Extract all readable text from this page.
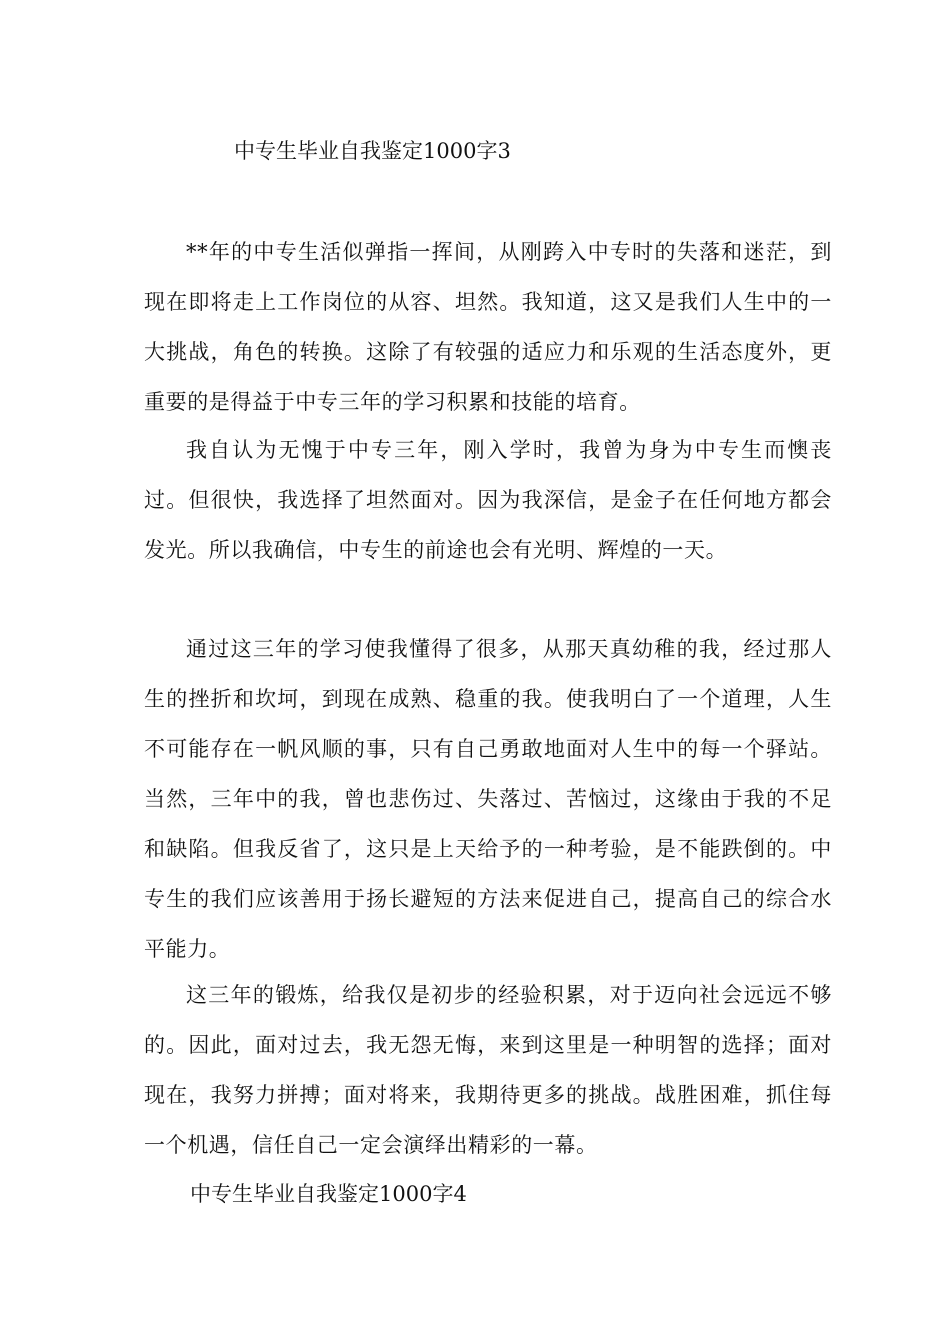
中专生毕业自我鉴定1000字3

**年的中专生活似弹指一挥间，从刚跨入中专时的失落和迷茫，到现在即将走上工作岗位的从容、坦然。我知道，这又是我们人生中的一大挑战，角色的转换。这除了有较强的适应力和乐观的生活态度外，更重要的是得益于中专三年的学习积累和技能的培育。

我自认为无愧于中专三年，刚入学时，我曾为身为中专生而懊丧过。但很快，我选择了坦然面对。因为我深信，是金子在任何地方都会发光。所以我确信，中专生的前途也会有光明、辉煌的一天。

通过这三年的学习使我懂得了很多，从那天真幼稚的我，经过那人生的挫折和坎坷，到现在成熟、稳重的我。使我明白了一个道理，人生不可能存在一帆风顺的事，只有自己勇敢地面对人生中的每一个驿站。当然，三年中的我，曾也悲伤过、失落过、苦恼过，这缘由于我的不足和缺陷。但我反省了，这只是上天给予的一种考验，是不能跌倒的。中专生的我们应该善用于扬长避短的方法来促进自己，提高自己的综合水平能力。

这三年的锻炼，给我仅是初步的经验积累，对于迈向社会远远不够的。因此，面对过去，我无怨无悔，来到这里是一种明智的选择；面对现在，我努力拼搏；面对将来，我期待更多的挑战。战胜困难，抓住每一个机遇，信任自己一定会演绎出精彩的一幕。

中专生毕业自我鉴定1000字4
